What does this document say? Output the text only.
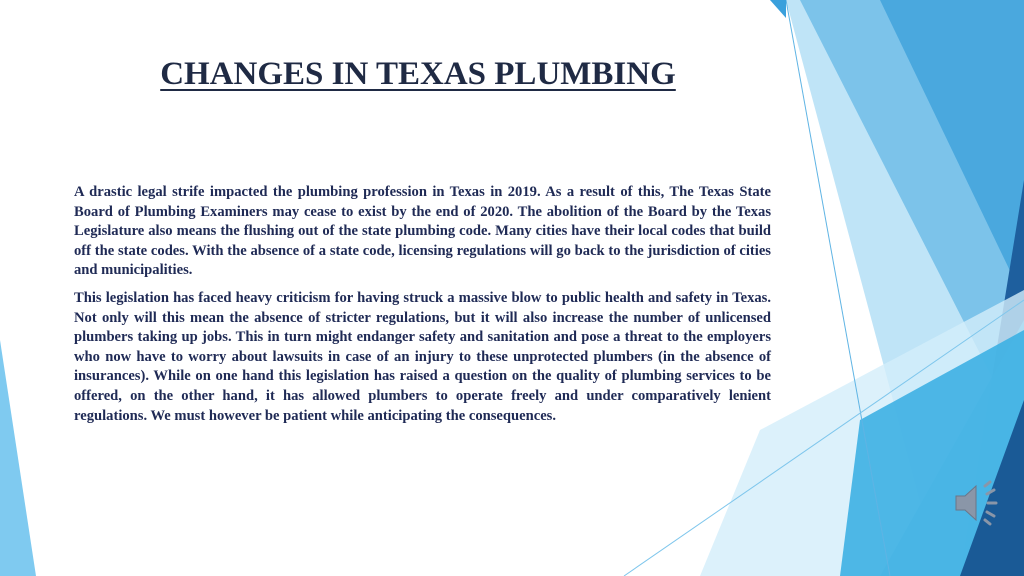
CHANGES IN TEXAS PLUMBING

A drastic legal strife impacted the plumbing profession in Texas in 2019. As a result of this, The Texas State Board of Plumbing Examiners may cease to exist by the end of 2020. The abolition of the Board by the Texas Legislature also means the flushing out of the state plumbing code. Many cities have their local codes that build off the state codes. With the absence of a state code, licensing regulations will go back to the jurisdiction of cities and municipalities.

This legislation has faced heavy criticism for having struck a massive blow to public health and safety in Texas. Not only will this mean the absence of stricter regulations, but it will also increase the number of unlicensed plumbers taking up jobs. This in turn might endanger safety and sanitation and pose a threat to the employers who now have to worry about lawsuits in case of an injury to these unprotected plumbers (in the absence of insurances). While on one hand this legislation has raised a question on the quality of plumbing services to be offered, on the other hand, it has allowed plumbers to operate freely and under comparatively lenient regulations. We must however be patient while anticipating the consequences.
